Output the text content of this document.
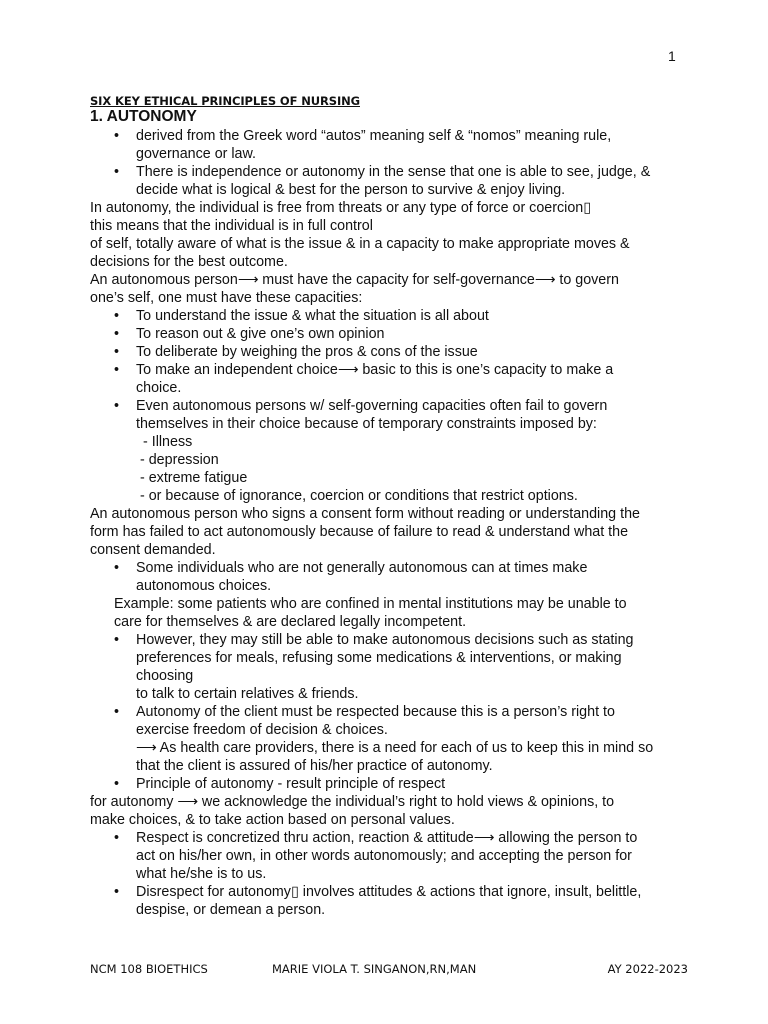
1
SIX KEY ETHICAL PRINCIPLES OF NURSING
1. AUTONOMY
• derived from the Greek word “autos” meaning self & “nomos” meaning rule,
governance or law.
• There is independence or autonomy in the sense that one is able to see, judge, &
decide what is logical & best for the person to survive & enjoy living.
In autonomy, the individual is free from threats or any type of force or coercion▯
this means that the individual is in full control
of self, totally aware of what is the issue & in a capacity to make appropriate moves &
decisions for the best outcome.
An autonomous person⟶ must have the capacity for self-governance⟶ to govern
one’s self, one must have these capacities:
• To understand the issue & what the situation is all about
• To reason out & give one’s own opinion
• To deliberate by weighing the pros & cons of the issue
• To make an independent choice⟶ basic to this is one’s capacity to make a
choice.
• Even autonomous persons w/ self-governing capacities often fail to govern
themselves in their choice because of temporary constraints imposed by:
- Illness
- depression
- extreme fatigue
- or because of ignorance, coercion or conditions that restrict options.
An autonomous person who signs a consent form without reading or understanding the
form has failed to act autonomously because of failure to read & understand what the
consent demanded.
• Some individuals who are not generally autonomous can at times make
autonomous choices.
Example: some patients who are confined in mental institutions may be unable to
care for themselves & are declared legally incompetent.
• However, they may still be able to make autonomous decisions such as stating
preferences for meals, refusing some medications & interventions, or making
choosing
to talk to certain relatives & friends.
• Autonomy of the client must be respected because this is a person’s right to
exercise freedom of decision & choices.
⟶ As health care providers, there is a need for each of us to keep this in mind so
that the client is assured of his/her practice of autonomy.
• Principle of autonomy - result principle of respect
for autonomy ⟶ we acknowledge the individual’s right to hold views & opinions, to
make choices, & to take action based on personal values.
• Respect is concretized thru action, reaction & attitude⟶ allowing the person to
act on his/her own, in other words autonomously; and accepting the person for
what he/she is to us.
• Disrespect for autonomy▯ involves attitudes & actions that ignore, insult, belittle,
despise, or demean a person.
NCM 108 BIOETHICS	MARIE VIOLA T. SINGANON,RN,MAN	AY 2022-2023
